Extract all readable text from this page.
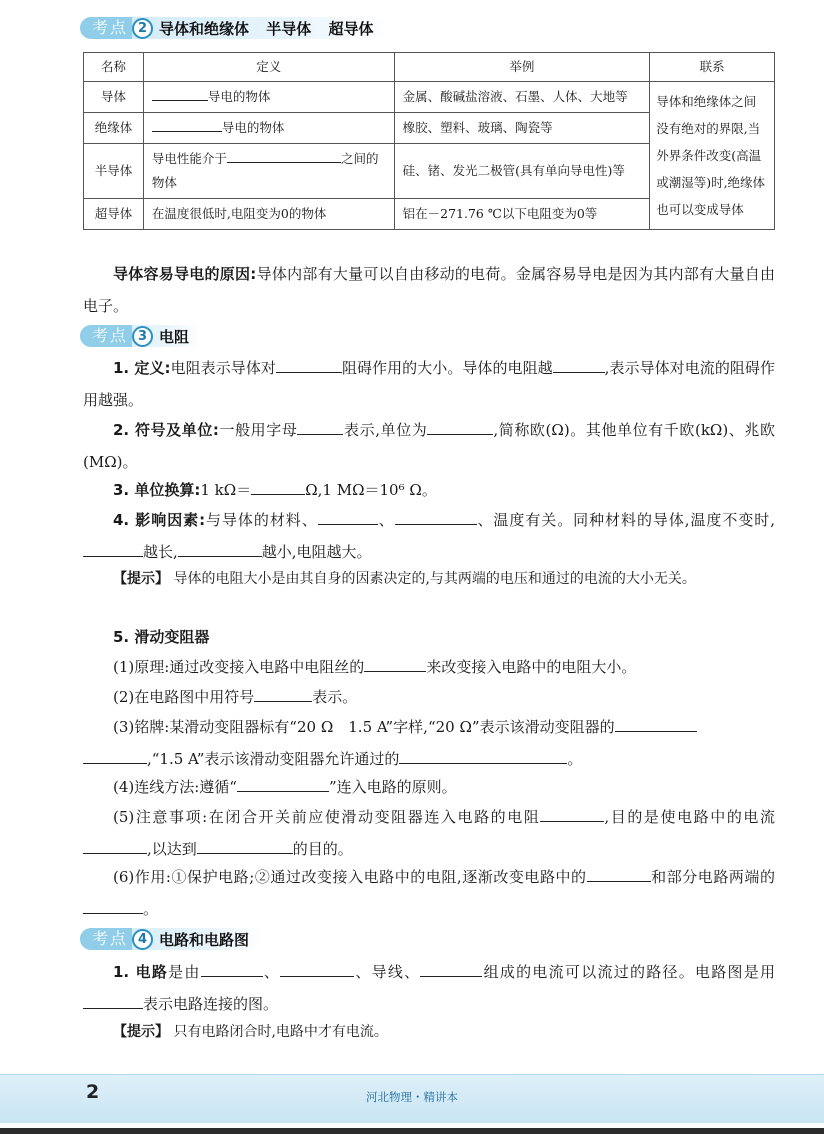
考点 2 导体和绝缘体 半导体 超导体
名称	定义	举例	联系
导体	导电的物体	金属、酸碱盐溶液、石墨、人体、大地等	导体和绝缘体之间没有绝对的界限,当外界条件改变(高温或潮湿等)时,绝缘体也可以变成导体
绝缘体	导电的物体	橡胶、塑料、玻璃、陶瓷等	
半导体	导电性能介于 之间的物体	硅、锗、发光二极管(具有单向导电性)等	
超导体	在温度很低时,电阻变为0的物体	铝在－271.76 ℃以下电阻变为0等	
导体容易导电的原因:导体内部有大量可以自由移动的电荷。金属容易导电是因为其内部有大量自由电子。
考点 3 电阻
1. 定义:电阻表示导体对	阻碍作用的大小。导体的电阻越	,表示导体对电流的阻碍作用越强。
2. 符号及单位:一般用字母	表示,单位为	,简称欧(Ω)。其他单位有千欧(kΩ)、兆欧(MΩ)。
3. 单位换算:1 kΩ＝	Ω,1 MΩ＝10⁶ Ω。
4. 影响因素:与导体的材料、	、	、温度有关。同种材料的导体,温度不变时,越长,	越小,电阻越大。
【提示】 导体的电阻大小是由其自身的因素决定的,与其两端的电压和通过的电流的大小无关。
5. 滑动变阻器
(1)原理:通过改变接入电路中电阻丝的	来改变接入电路中的电阻大小。
(2)在电路图中用符号	表示。
(3)铭牌:某滑动变阻器标有“20 Ω　1.5 A”字样,“20 Ω”表示该滑动变阻器的
,“1.5 A”表示该滑动变阻器允许通过的	。
(4)连线方法:遵循“	”连入电路的原则。
(5)注意事项:在闭合开关前应使滑动变阻器连入电路的电阻	,目的是使电路中的电流,以达到	的目的。
(6)作用:①保护电路;②通过改变接入电路中的电阻,逐渐改变电路中的	和部分电路两端的。
考点 4 电路和电路图
1. 电路是由	、	、导线、	组成的电流可以流过的路径。电路图是用表示电路连接的图。
【提示】 只有电路闭合时,电路中才有电流。
2	河北物理・精讲本
